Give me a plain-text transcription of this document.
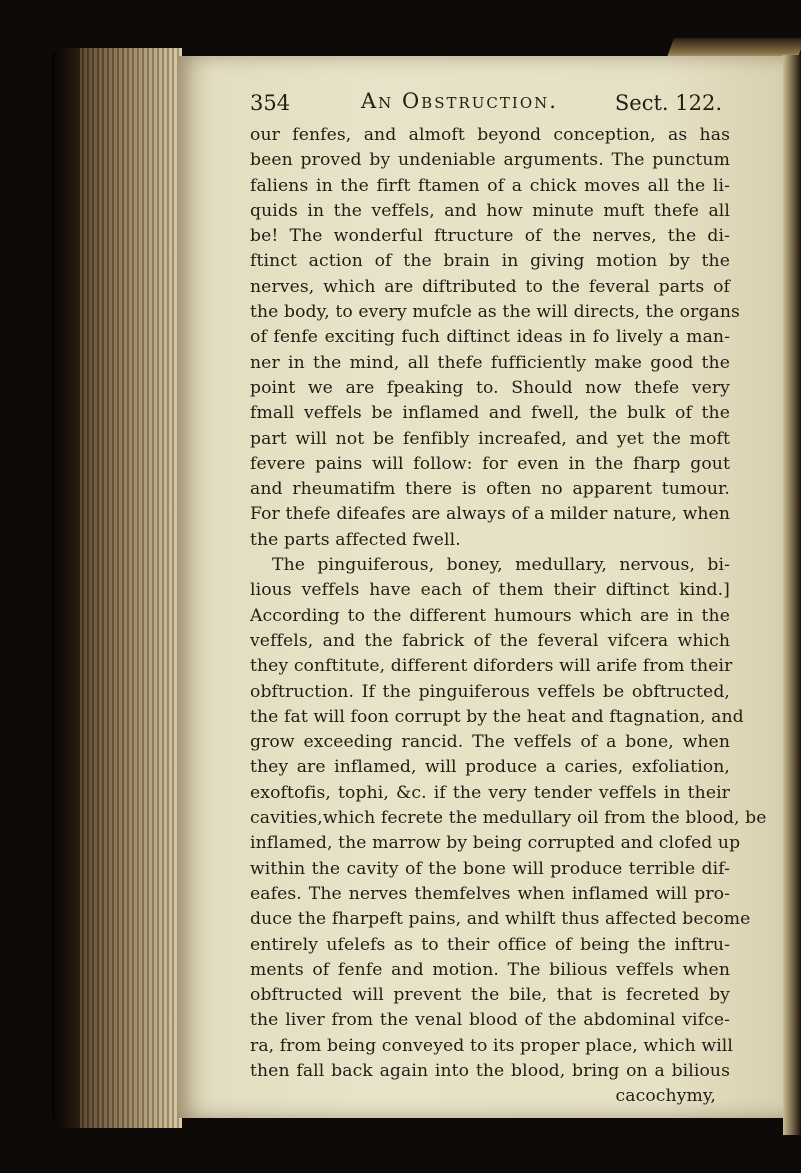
354	An Obstruction.	Sect. 122.
our fenfes, and almoft beyond conception, as has
been proved by undeniable arguments. The punctum
faliens in the firft ftamen of a chick moves all the li-
quids in the veffels, and how minute muft thefe all
be! The wonderful ftructure of the nerves, the di-
ftinct action of the brain in giving motion by the
nerves, which are diftributed to the feveral parts of
the body, to every mufcle as the will directs, the organs
of fenfe exciting fuch diftinct ideas in fo lively a man-
ner in the mind, all thefe fufficiently make good the
point we are fpeaking to. Should now thefe very
fmall veffels be inflamed and fwell, the bulk of the
part will not be fenfibly increafed, and yet the moft
fevere pains will follow: for even in the fharp gout
and rheumatifm there is often no apparent tumour.
For thefe difeafes are always of a milder nature, when
the parts affected fwell.
The pinguiferous, boney, medullary, nervous, bi-
lious veffels have each of them their diftinct kind.]
According to the different humours which are in the
veffels, and the fabrick of the feveral vifcera which
they conftitute, different diforders will arife from their
obftruction. If the pinguiferous veffels be obftructed,
the fat will foon corrupt by the heat and ftagnation, and
grow exceeding rancid. The veffels of a bone, when
they are inflamed, will produce a caries, exfoliation,
exoftofis, tophi, &c. if the very tender veffels in their
cavities,which fecrete the medullary oil from the blood, be
inflamed, the marrow by being corrupted and clofed up
within the cavity of the bone will produce terrible dif-
eafes. The nerves themfelves when inflamed will pro-
duce the fharpeft pains, and whilft thus affected become
entirely ufelefs as to their office of being the inftru-
ments of fenfe and motion. The bilious veffels when
obftructed will prevent the bile, that is fecreted by
the liver from the venal blood of the abdominal vifce-
ra, from being conveyed to its proper place, which will
then fall back again into the blood, bring on a bilious
cacochymy,
